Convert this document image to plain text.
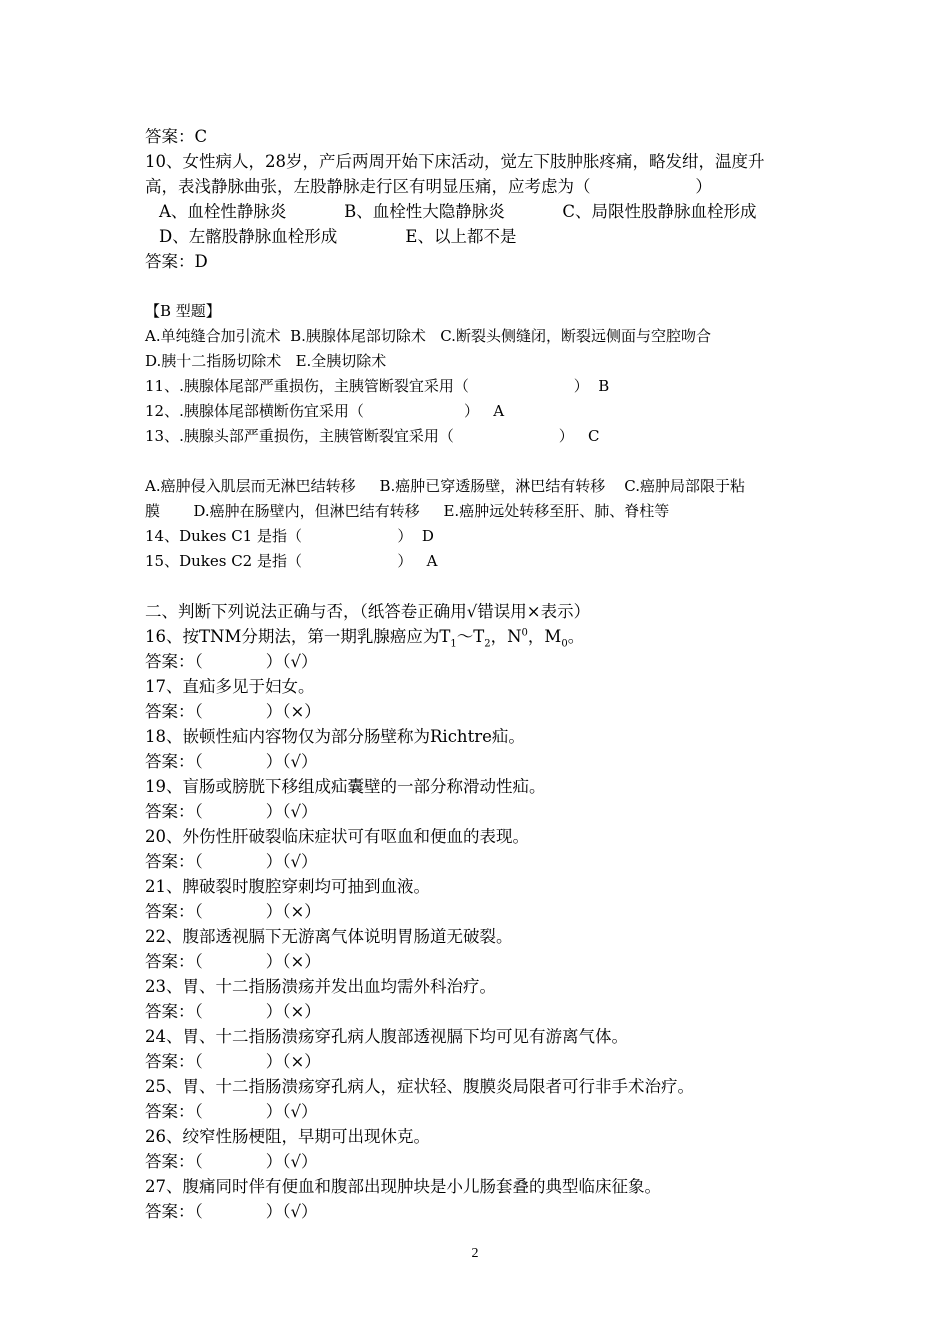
答案：C
10、女性病人，28岁，产后两周开始下床活动，觉左下肢肿胀疼痛，略发绀，温度升
高，表浅静脉曲张，左股静脉走行区有明显压痛，应考虑为（                    ）
A、血栓性静脉炎           B、血栓性大隐静脉炎           C、局限性股静脉血栓形成
D、左髂股静脉血栓形成             E、以上都不是
答案：D
【B 型题】
A.单纯缝合加引流术  B.胰腺体尾部切除术   C.断裂头侧缝闭，断裂远侧面与空腔吻合
D.胰十二指肠切除术   E.全胰切除术
11、.胰腺体尾部严重损伤，主胰管断裂宜采用（                      ）  B
12、.胰腺体尾部横断伤宜采用（                     ）   A
13、.胰腺头部严重损伤，主胰管断裂宜采用（                      ）   C
A.癌肿侵入肌层而无淋巴结转移     B.癌肿已穿透肠壁，淋巴结有转移    C.癌肿局部限于粘
膜       D.癌肿在肠壁内，但淋巴结有转移     E.癌肿远处转移至肝、肺、脊柱等
14、Dukes C1 是指（                    ）  D
15、Dukes C2 是指（                    ）   A
二、判断下列说法正确与否，（纸答卷正确用√错误用×表示）
16、按TNM分期法，第一期乳腺癌应为$T_1\sim T_2$，$N^0$，$M_0$。
答案：（            ）（√）
17、直疝多见于妇女。
答案：（            ）（×）
18、嵌顿性疝内容物仅为部分肠壁称为Richtre疝。
答案：（            ）（√）
19、盲肠或膀胱下移组成疝囊壁的一部分称滑动性疝。
答案：（            ）（√）
20、外伤性肝破裂临床症状可有呕血和便血的表现。
答案：（            ）（√）
21、脾破裂时腹腔穿刺均可抽到血液。
答案：（            ）（×）
22、腹部透视膈下无游离气体说明胃肠道无破裂。
答案：（            ）（×）
23、胃、十二指肠溃疡并发出血均需外科治疗。
答案：（            ）（×）
24、胃、十二指肠溃疡穿孔病人腹部透视膈下均可见有游离气体。
答案：（            ）（×）
25、胃、十二指肠溃疡穿孔病人，症状轻、腹膜炎局限者可行非手术治疗。
答案：（            ）（√）
26、绞窄性肠梗阻，早期可出现休克。
答案：（            ）（√）
27、腹痛同时伴有便血和腹部出现肿块是小儿肠套叠的典型临床征象。
答案：（            ）（√）
2
